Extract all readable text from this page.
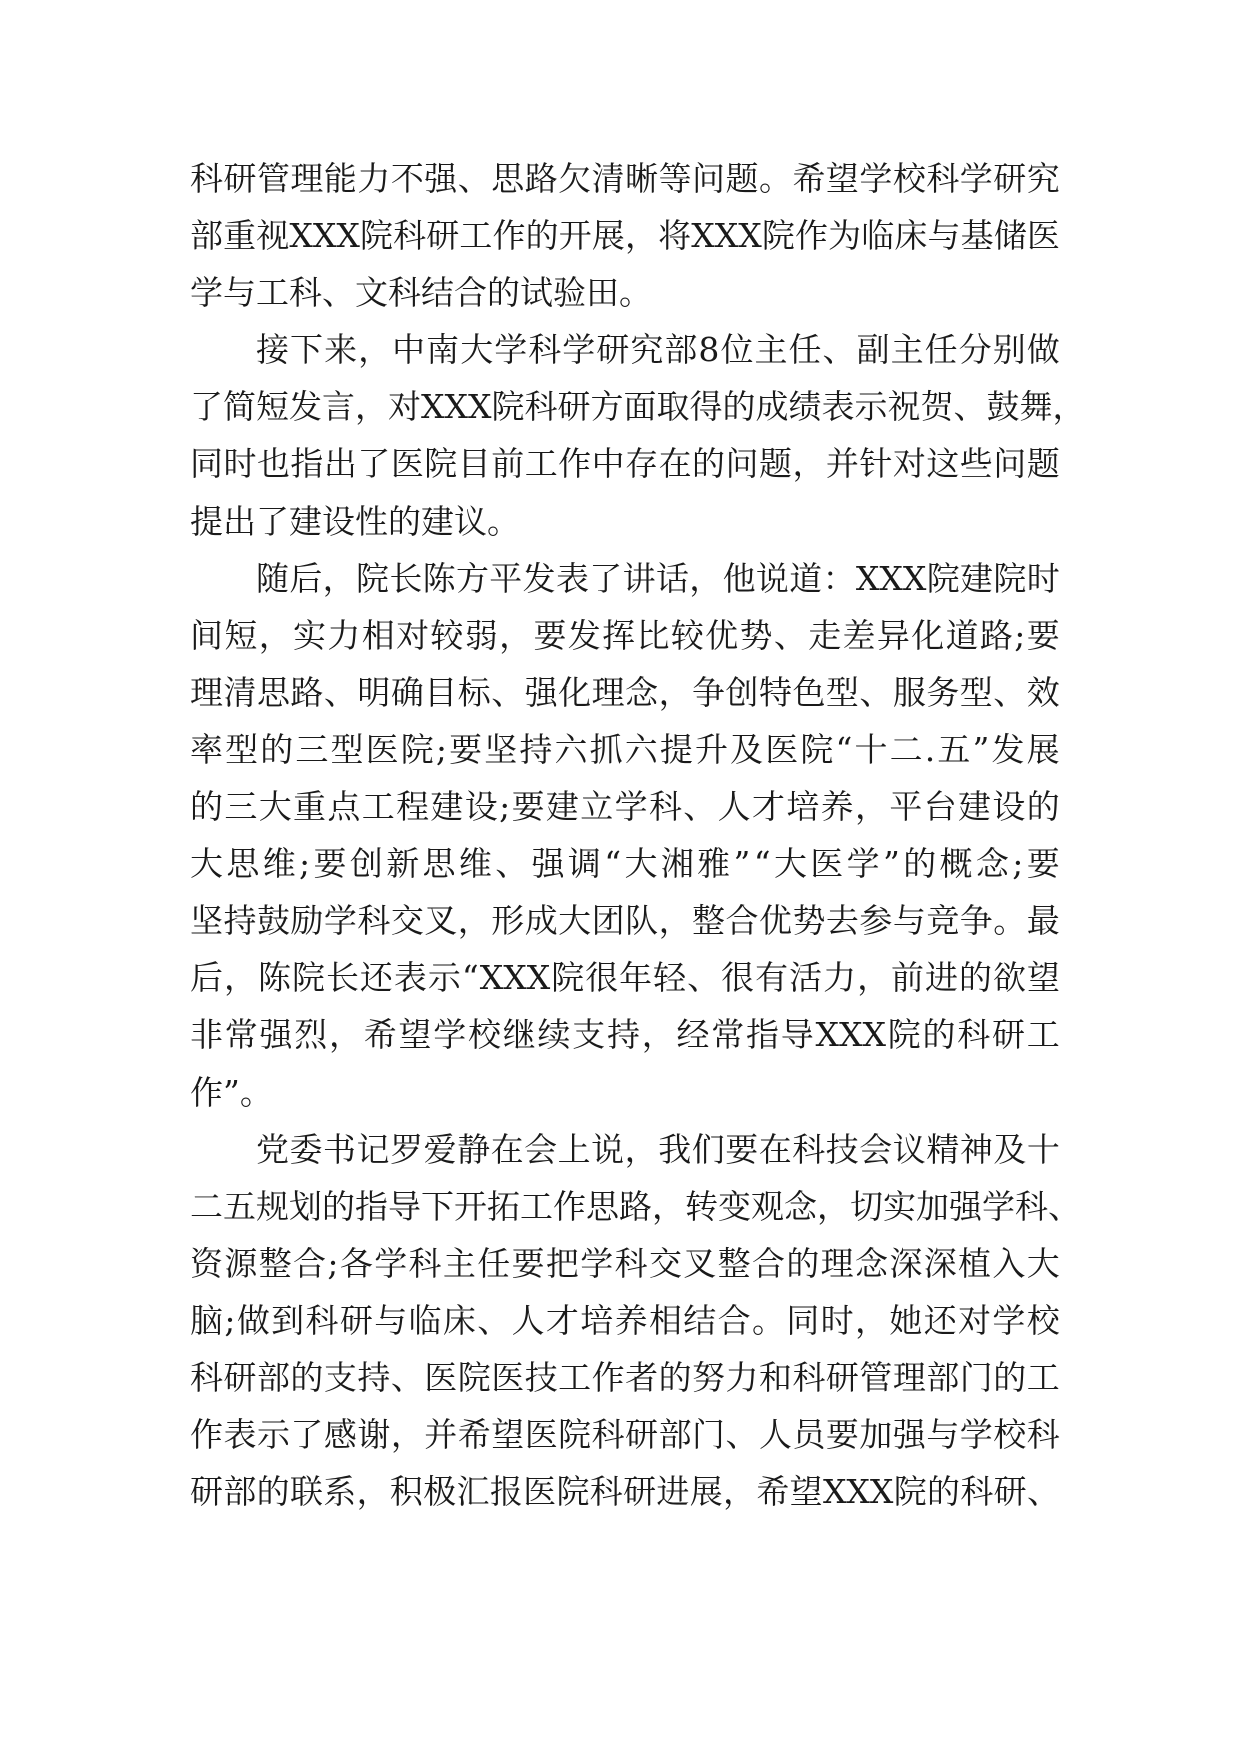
科 研 管 理 能 力 不 强 、 思 路 欠 清 晰 等 问 题 。 希 望 学 校 科 学 研 究
部 重 视 XXX 院 科 研 工 作 的 开 展 ， 将 XXX 院 作 为 临 床 与 基 储 医
学与工科、文科结合的试验田。
接 下 来 ， 中 南 大 学 科 学 研 究 部 8 位 主 任 、 副 主 任 分 别 做
了 简 短 发 言 ， 对 XXX 院 科 研 方 面 取 得 的 成 绩 表 示 祝 贺 、 鼓 舞 ，
同 时 也 指 出 了 医 院 目 前 工 作 中 存 在 的 问 题 ， 并 针 对 这 些 问 题
提出了建设性的建议。
随 后 ， 院 长 陈 方 平 发 表 了 讲 话 ， 他 说 道 ： XXX 院 建 院 时
间 短 ， 实 力 相 对 较 弱 ， 要 发 挥 比 较 优 势 、 走 差 异 化 道 路 ; 要
理 清 思 路 、 明 确 目 标 、 强 化 理 念 ， 争 创 特 色 型 、 服 务 型 、 效
率 型 的 三 型 医 院 ; 要 坚 持 六 抓 六 提 升 及 医 院 “ 十 二 . 五 ” 发 展
的 三 大 重 点 工 程 建 设 ; 要 建 立 学 科 、 人 才 培 养 ， 平 台 建 设 的
大 思 维 ; 要 创 新 思 维 、 强 调 “ 大 湘 雅 ” “ 大 医 学 ” 的 概 念 ; 要
坚 持 鼓 励 学 科 交 叉 ， 形 成 大 团 队 ， 整 合 优 势 去 参 与 竞 争 。 最
后 ， 陈 院 长 还 表 示 “ XXX 院 很 年 轻 、 很 有 活 力 ， 前 进 的 欲 望
非 常 强 烈 ， 希 望 学 校 继 续 支 持 ， 经 常 指 导 XXX 院 的 科 研 工
作”。
党 委 书 记 罗 爱 静 在 会 上 说 ， 我 们 要 在 科 技 会 议 精 神 及 十
二 五 规 划 的 指 导 下 开 拓 工 作 思 路 ， 转 变 观 念 ， 切 实 加 强 学 科 、
资 源 整 合 ; 各 学 科 主 任 要 把 学 科 交 叉 整 合 的 理 念 深 深 植 入 大
脑 ; 做 到 科 研 与 临 床 、 人 才 培 养 相 结 合 。 同 时 ， 她 还 对 学 校
科 研 部 的 支 持 、 医 院 医 技 工 作 者 的 努 力 和 科 研 管 理 部 门 的 工
作 表 示 了 感 谢 ， 并 希 望 医 院 科 研 部 门 、 人 员 要 加 强 与 学 校 科
研 部 的 联 系 ， 积 极 汇 报 医 院 科 研 进 展 ， 希 望 XXX 院 的 科 研 、
